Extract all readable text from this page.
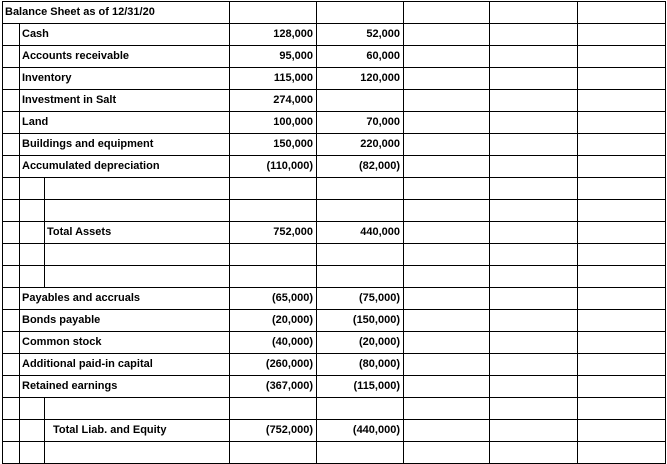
Balance Sheet as of 12/31/20							
	Cash		128,000	52,000			
	Accounts receivable		95,000	60,000			
	Inventory		115,000	120,000			
	Investment in Salt		274,000				
	Land		100,000	70,000			
	Buildings and equipment		150,000	220,000			
	Accumulated depreciation		(110,000)	(82,000)			

		Total Assets	752,000	440,000			

	Payables and accruals		(65,000)	(75,000)			
	Bonds payable		(20,000)	(150,000)			
	Common stock		(40,000)	(20,000)			
	Additional paid-in capital		(260,000)	(80,000)			
	Retained earnings		(367,000)	(115,000)			

		Total Liab. and Equity	(752,000)	(440,000)			
